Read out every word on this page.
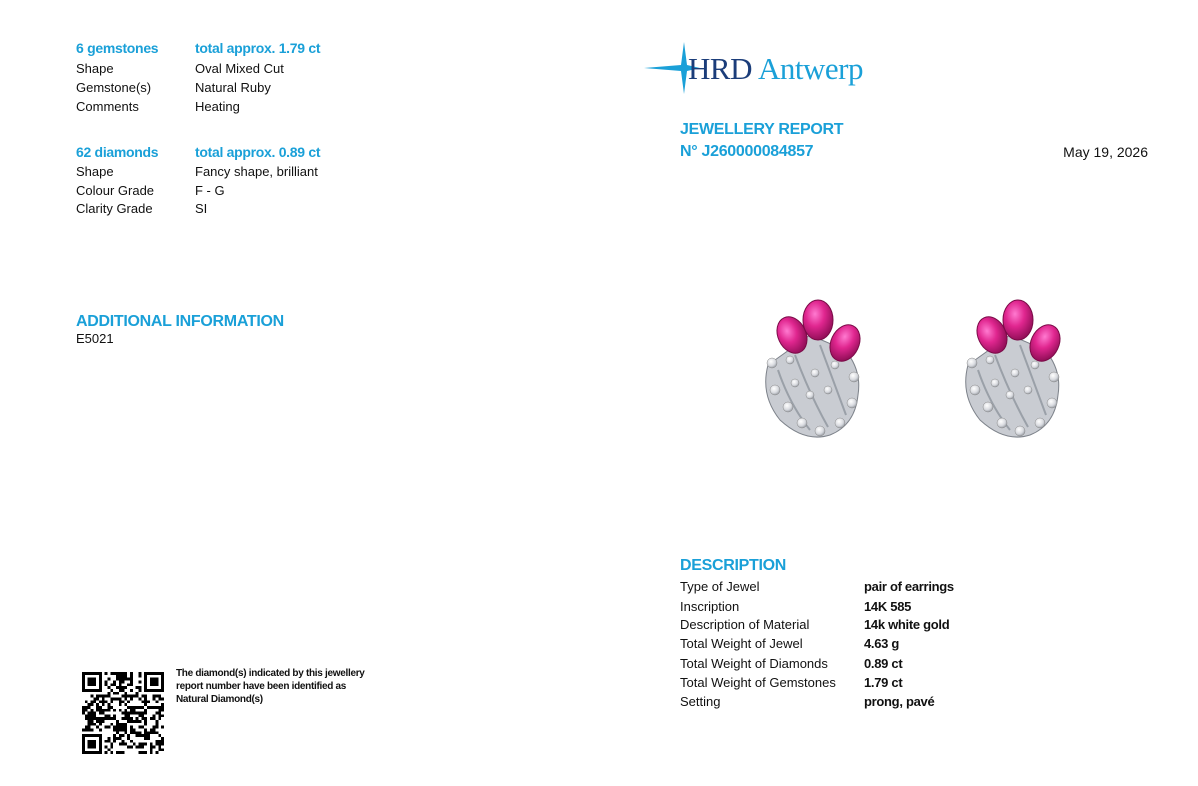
6 gemstones	total approx. 1.79 ct
Shape	Oval Mixed Cut
Gemstone(s)	Natural Ruby
Comments	Heating
62 diamonds	total approx. 0.89 ct
Shape	Fancy shape, brilliant
Colour Grade	F - G
Clarity Grade	SI
ADDITIONAL INFORMATION
E5021
The diamond(s) indicated by this jewellery
report number have been identified as
Natural Diamond(s)
HRD Antwerp
JEWELLERY REPORT
N° J260000084857	May 19, 2026
DESCRIPTION
Type of Jewel	pair of earrings
Inscription	14K 585
Description of Material	14k white gold
Total Weight of Jewel	4.63 g
Total Weight of Diamonds	0.89 ct
Total Weight of Gemstones 1.79 ct
Setting	prong, pavé
